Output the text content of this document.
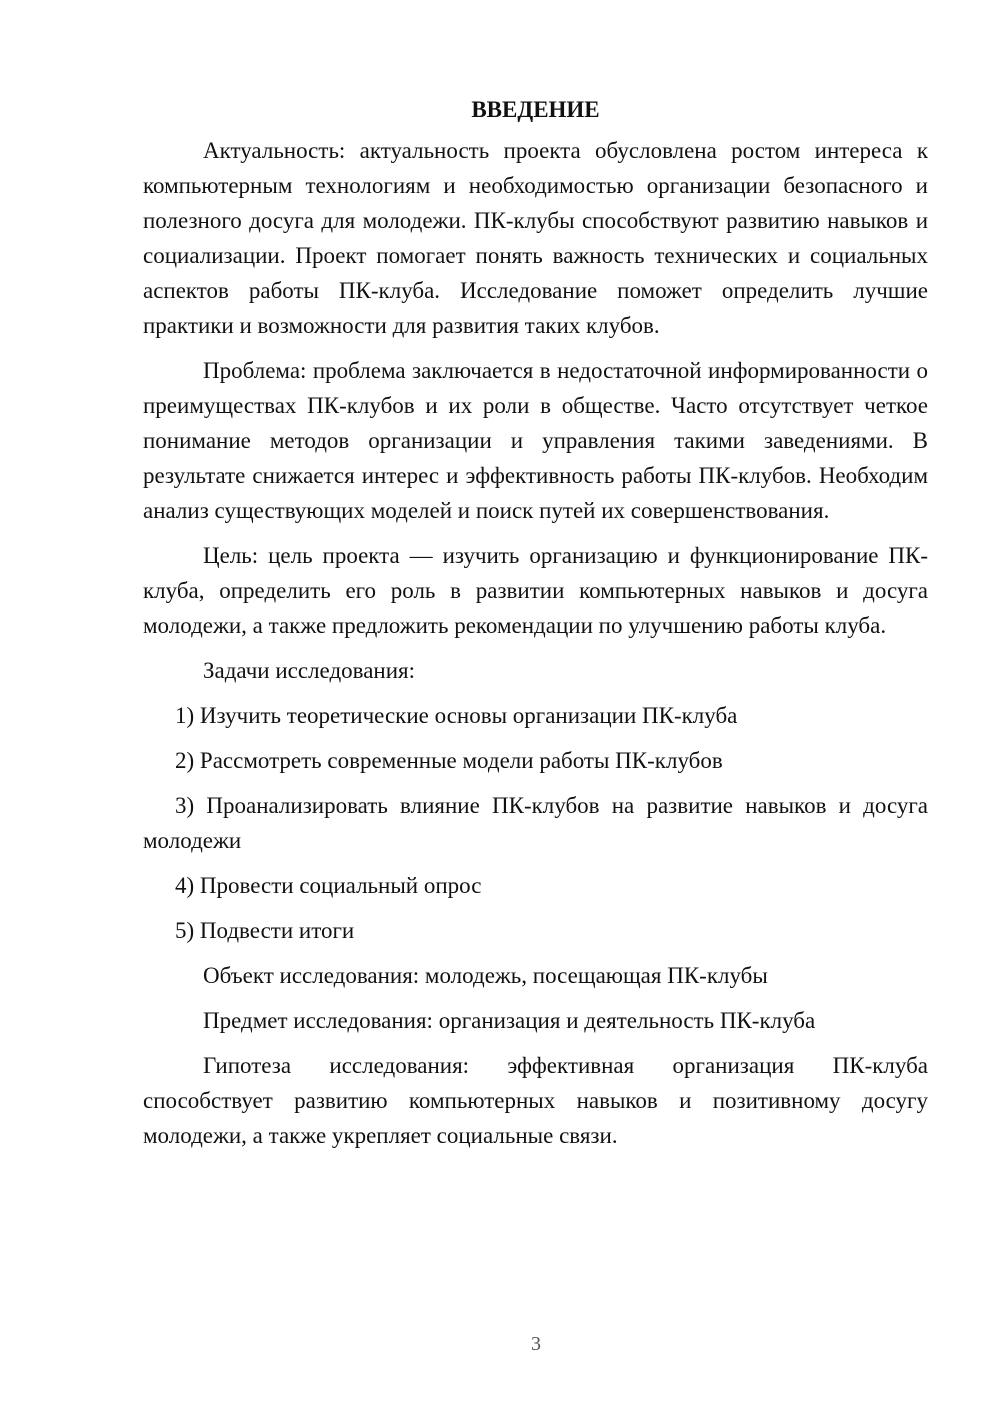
ВВЕДЕНИЕ

Актуальность: актуальность проекта обусловлена ростом интереса к компьютерным технологиям и необходимостью организации безопасного и полезного досуга для молодежи. ПК-клубы способствуют развитию навыков и социализации. Проект помогает понять важность технических и социальных аспектов работы ПК-клуба. Исследование поможет определить лучшие практики и возможности для развития таких клубов.

Проблема: проблема заключается в недостаточной информированности о преимуществах ПК-клубов и их роли в обществе. Часто отсутствует четкое понимание методов организации и управления такими заведениями. В результате снижается интерес и эффективность работы ПК-клубов. Необходим анализ существующих моделей и поиск путей их совершенствования.

Цель: цель проекта — изучить организацию и функционирование ПК-клуба, определить его роль в развитии компьютерных навыков и досуга молодежи, а также предложить рекомендации по улучшению работы клуба.

Задачи исследования:

1) Изучить теоретические основы организации ПК-клуба

2) Рассмотреть современные модели работы ПК-клубов

3) Проанализировать влияние ПК-клубов на развитие навыков и досуга молодежи

4) Провести социальный опрос

5) Подвести итоги

Объект исследования: молодежь, посещающая ПК-клубы

Предмет исследования: организация и деятельность ПК-клуба

Гипотеза исследования: эффективная организация ПК-клуба способствует развитию компьютерных навыков и позитивному досугу молодежи, а также укрепляет социальные связи.

3
